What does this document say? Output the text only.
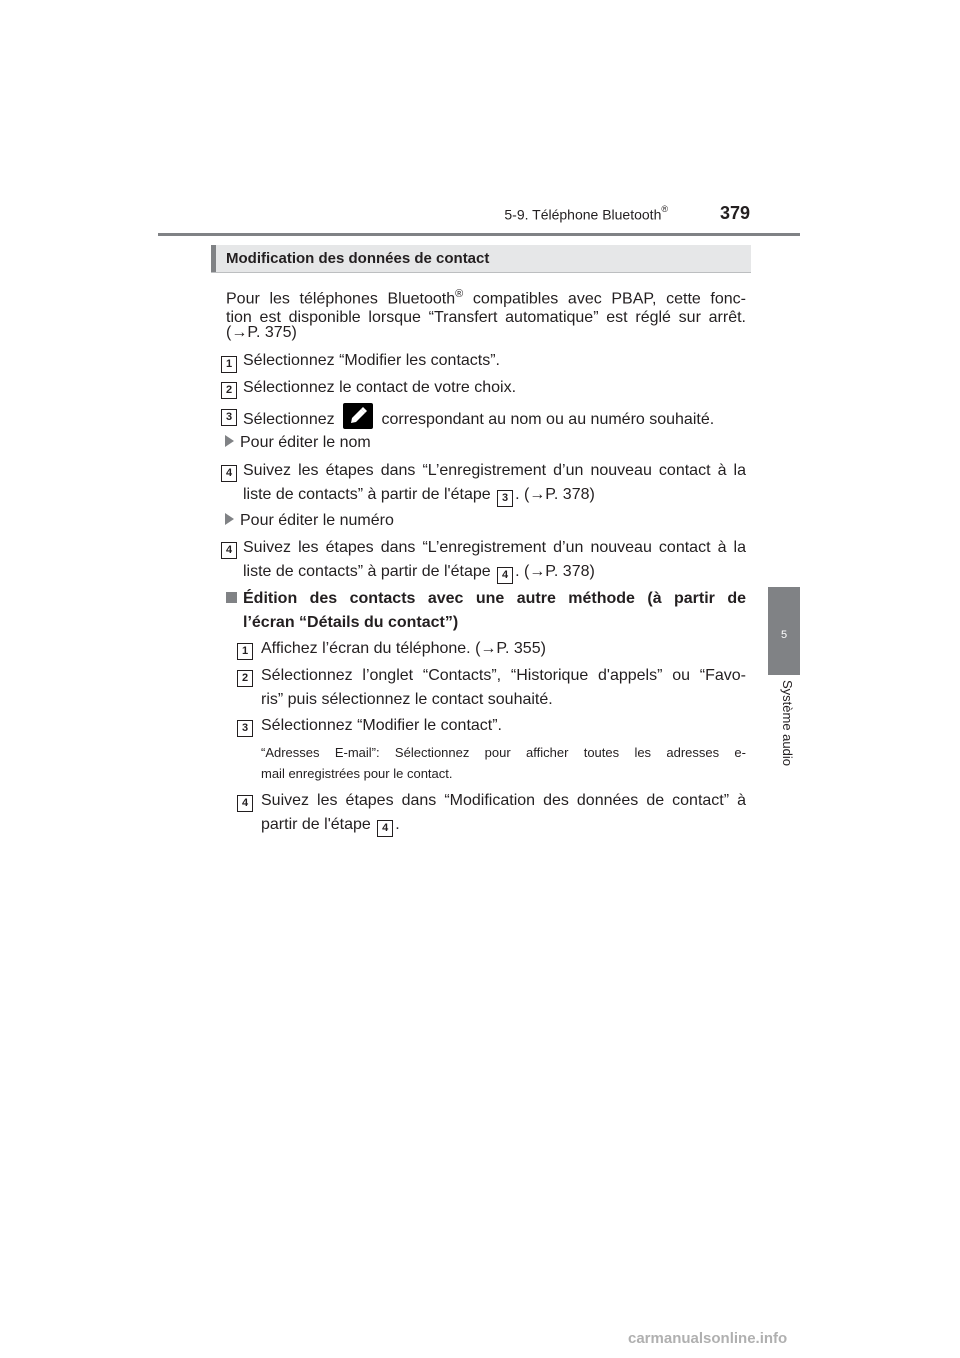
5-9. Téléphone Bluetooth®	379
5
Système audio
Modification des données de contact
Pour les téléphones Bluetooth® compatibles avec PBAP, cette fonc-
tion est disponible lorsque “Transfert automatique” est réglé sur arrêt.
(→P. 375)
1 Sélectionnez “Modifier les contacts”.
2 Sélectionnez le contact de votre choix.
3 Sélectionnez
correspondant au nom ou au numéro souhaité.
Pour éditer le nom
4 Suivez les étapes dans “L’enregistrement d’un nouveau contact à la
liste de contacts” à partir de l'étape 3 . (→P. 378)
Pour éditer le numéro
4 Suivez les étapes dans “L’enregistrement d’un nouveau contact à la
liste de contacts” à partir de l'étape 4 . (→P. 378)
Édition des contacts avec une autre méthode (à partir de
l’écran “Détails du contact”)
1 Affichez l’écran du téléphone. (→P. 355)
2 Sélectionnez l’onglet “Contacts”, “Historique d'appels” ou “Favo-
ris” puis sélectionnez le contact souhaité.
3 Sélectionnez “Modifier le contact”.
“Adresses E-mail”: Sélectionnez pour afficher toutes les adresses e-
mail enregistrées pour le contact.
4 Suivez les étapes dans “Modification des données de contact” à
partir de l'étape 4 .
carmanualsonline.info
